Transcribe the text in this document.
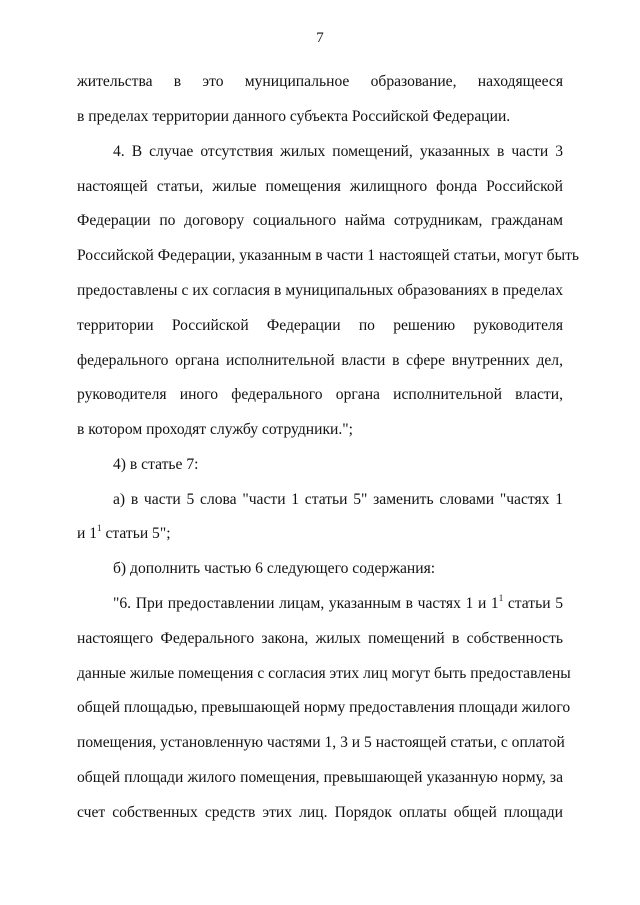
7
жительства в это муниципальное образование, находящееся
в пределах территории данного субъекта Российской Федерации.
4. В случае отсутствия жилых помещений, указанных в части 3
настоящей статьи, жилые помещения жилищного фонда Российской
Федерации по договору социального найма сотрудникам, гражданам
Российской Федерации, указанным в части 1 настоящей статьи, могут быть
предоставлены с их согласия в муниципальных образованиях в пределах
территории Российской Федерации по решению руководителя
федерального органа исполнительной власти в сфере внутренних дел,
руководителя иного федерального органа исполнительной власти,
в котором проходят службу сотрудники.";
4) в статье 7:
а) в части 5 слова "части 1 статьи 5" заменить словами "частях 1
и $1^1$ статьи 5";
б) дополнить частью 6 следующего содержания:
"6. При предоставлении лицам, указанным в частях 1 и $1^1$ статьи 5
настоящего Федерального закона, жилых помещений в собственность
данные жилые помещения с согласия этих лиц могут быть предоставлены
общей площадью, превышающей норму предоставления площади жилого
помещения, установленную частями 1, 3 и 5 настоящей статьи, с оплатой
общей площади жилого помещения, превышающей указанную норму, за
счет собственных средств этих лиц. Порядок оплаты общей площади
